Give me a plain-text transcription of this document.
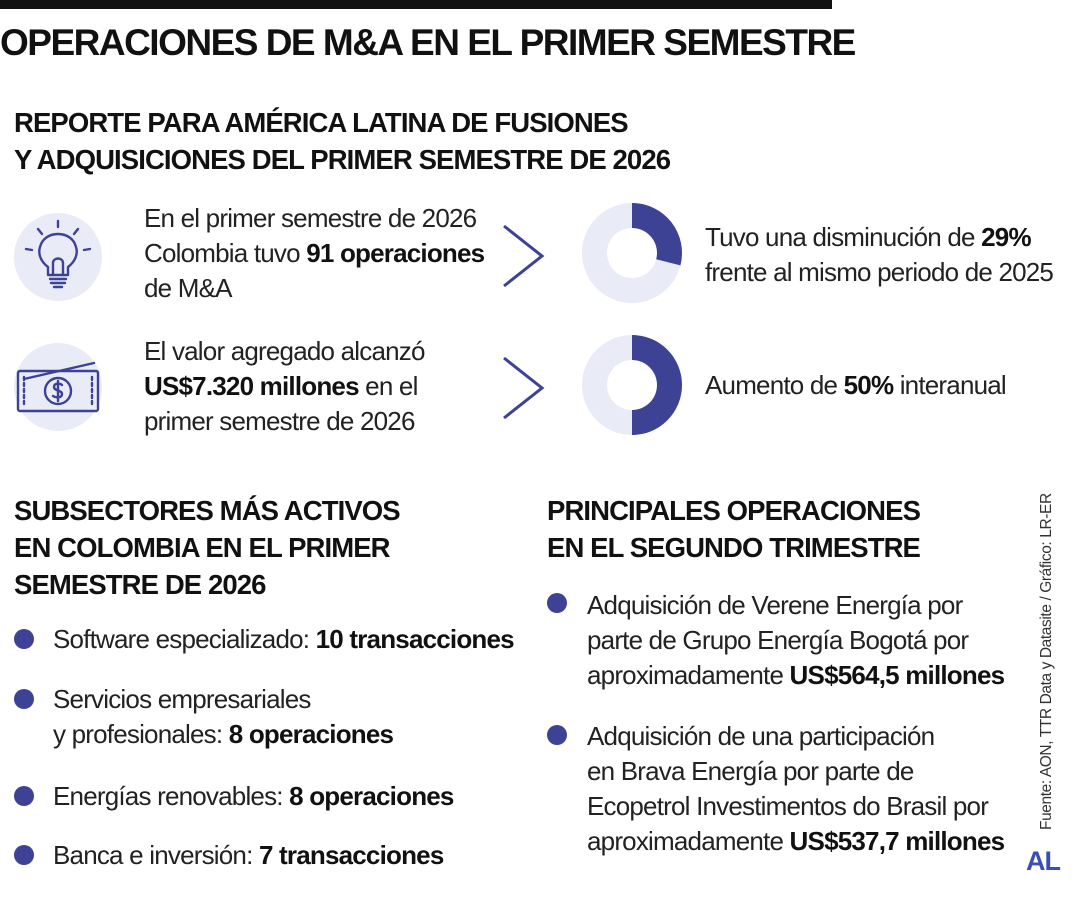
OPERACIONES DE M&A EN EL PRIMER SEMESTRE
REPORTE PARA AMÉRICA LATINA DE FUSIONES
Y ADQUISICIONES DEL PRIMER SEMESTRE DE 2026
En el primer semestre de 2026
Colombia tuvo 91 operaciones
de M&A
Tuvo una disminución de 29%
frente al mismo periodo de 2025
El valor agregado alcanzó
US$7.320 millones en el
primer semestre de 2026
Aumento de 50% interanual
SUBSECTORES MÁS ACTIVOS
EN COLOMBIA EN EL PRIMER
SEMESTRE DE 2026
Software especializado: 10 transacciones
Servicios empresariales
y profesionales: 8 operaciones
Energías renovables: 8 operaciones
Banca e inversión: 7 transacciones
PRINCIPALES OPERACIONES
EN EL SEGUNDO TRIMESTRE
Adquisición de Verene Energía por
parte de Grupo Energía Bogotá por
aproximadamente US$564,5 millones
Adquisición de una participación
en Brava Energía por parte de
Ecopetrol Investimentos do Brasil por
aproximadamente US$537,7 millones
Fuente: AON, TTR Data y Datasite / Gráfico: LR-ER
AL
